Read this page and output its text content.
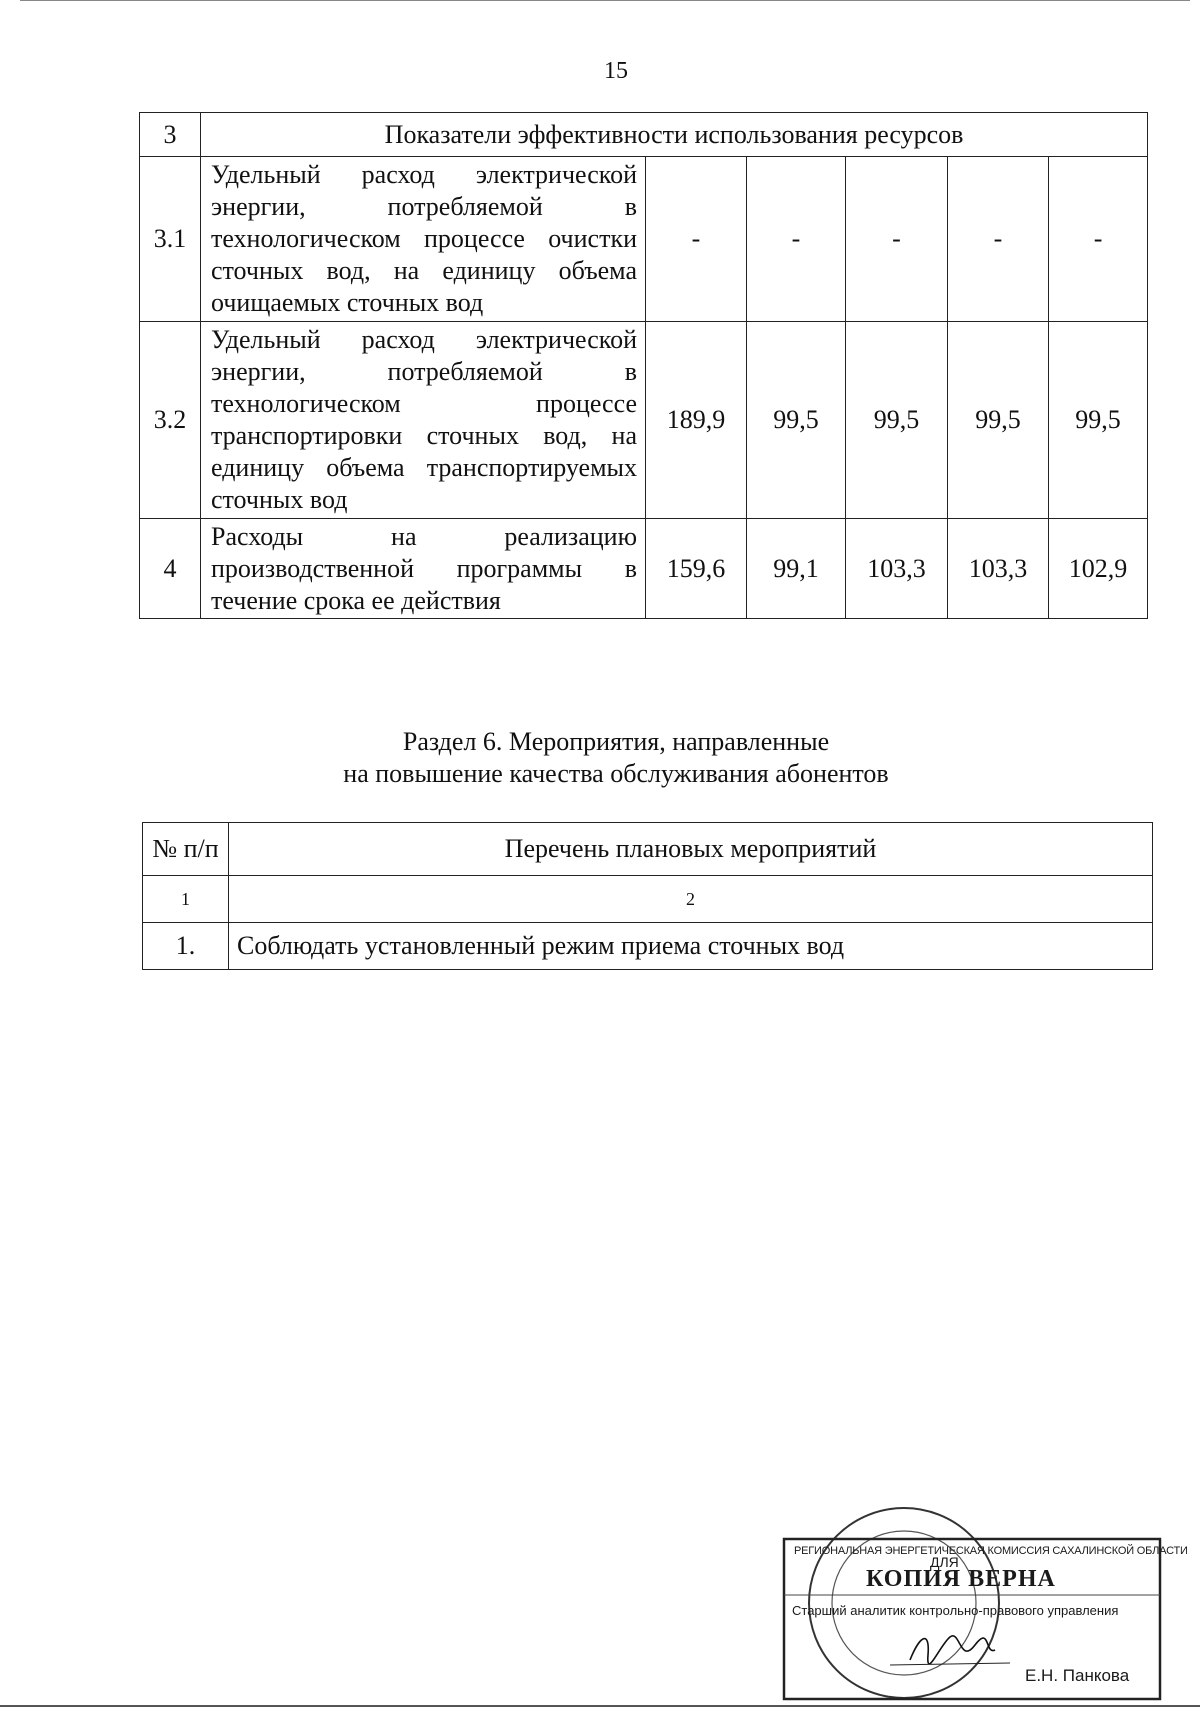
15
3	Показатели эффективности использования ресурсов					
3.1	Удельный расход электрической энергии, потребляемой в технологическом процессе очистки сточных вод, на единицу объема очищаемых сточных вод	-	-	-	-	-
3.2	Удельный расход электрической энергии, потребляемой в технологическом процессе транспортировки сточных вод, на единицу объема транспортируемых сточных вод	189,9	99,5	99,5	99,5	99,5
4	Расходы на реализацию производственной программы в течение срока ее действия	159,6	99,1	103,3	103,3	102,9
Раздел 6. Мероприятия, направленные
на повышение качества обслуживания абонентов
№ п/п	Перечень плановых мероприятий
1	2
1.	Соблюдать установленный режим приема сточных вод
РЕГИОНАЛЬНАЯ ЭНЕРГЕТИЧЕСКАЯ КОМИССИЯ САХАЛИНСКОЙ ОБЛАСТИ
ДЛЯ
КОПИЯ ВЕРНА
Старший аналитик контрольно-правового управления
Е.Н. Панкова
